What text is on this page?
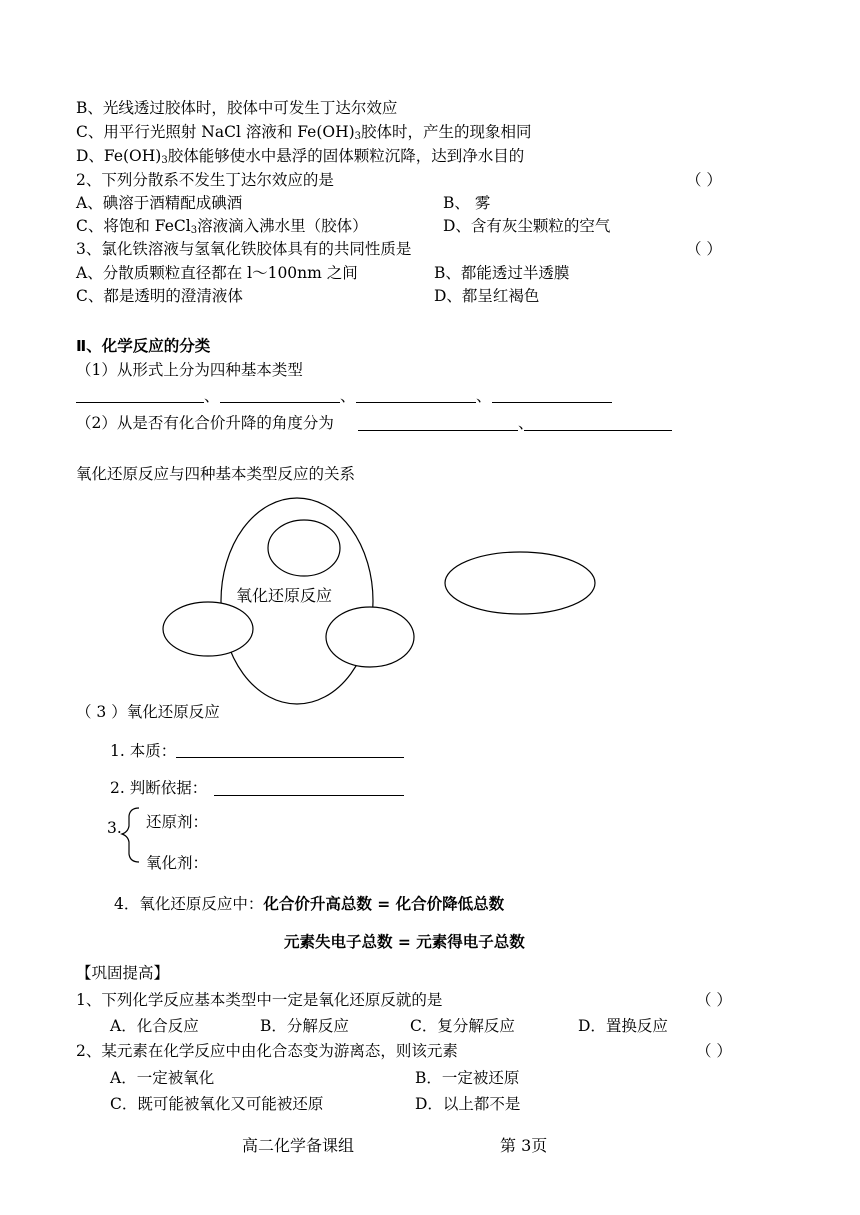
B、光线透过胶体时，胶体中可发生丁达尔效应
C、用平行光照射 NaCl 溶液和 $Fe(OH)_3$胶体时，产生的现象相同
D、$Fe(OH)_3$胶体能够使水中悬浮的固体颗粒沉降，达到净水目的
2、下列分散系不发生丁达尔效应的是	（ ）
A、碘溶于酒精配成碘酒	B、 雾
C、将饱和 FeCl$_3$溶液滴入沸水里（胶体）	D、含有灰尘颗粒的空气
3、氯化铁溶液与氢氧化铁胶体具有的共同性质是	（ ）
A、分散质颗粒直径都在 l～100nm 之间	B、都能透过半透膜
C、都是透明的澄清液体	D、都呈红褐色
Ⅱ、化学反应的分类
（1）从形式上分为四种基本类型
、	、	、
（2）从是否有化合价升降的角度分为	、
氧化还原反应与四种基本类型反应的关系
氧化还原反应
（ 3 ）氧化还原反应
1. 本质：
2. 判断依据：
3. 还原剂：
氧化剂：
4．氧化还原反应中：化合价升高总数 = 化合价降低总数
元素失电子总数 = 元素得电子总数
【巩固提高】
1、下列化学反应基本类型中一定是氧化还原反就的是	（ ）
A．化合反应	B．分解反应	C．复分解反应	D．置换反应
2、某元素在化学反应中由化合态变为游离态，则该元素	（ ）
A．一定被氧化	B．一定被还原
C．既可能被氧化又可能被还原	D．以上都不是
高二化学备课组	第 3页
